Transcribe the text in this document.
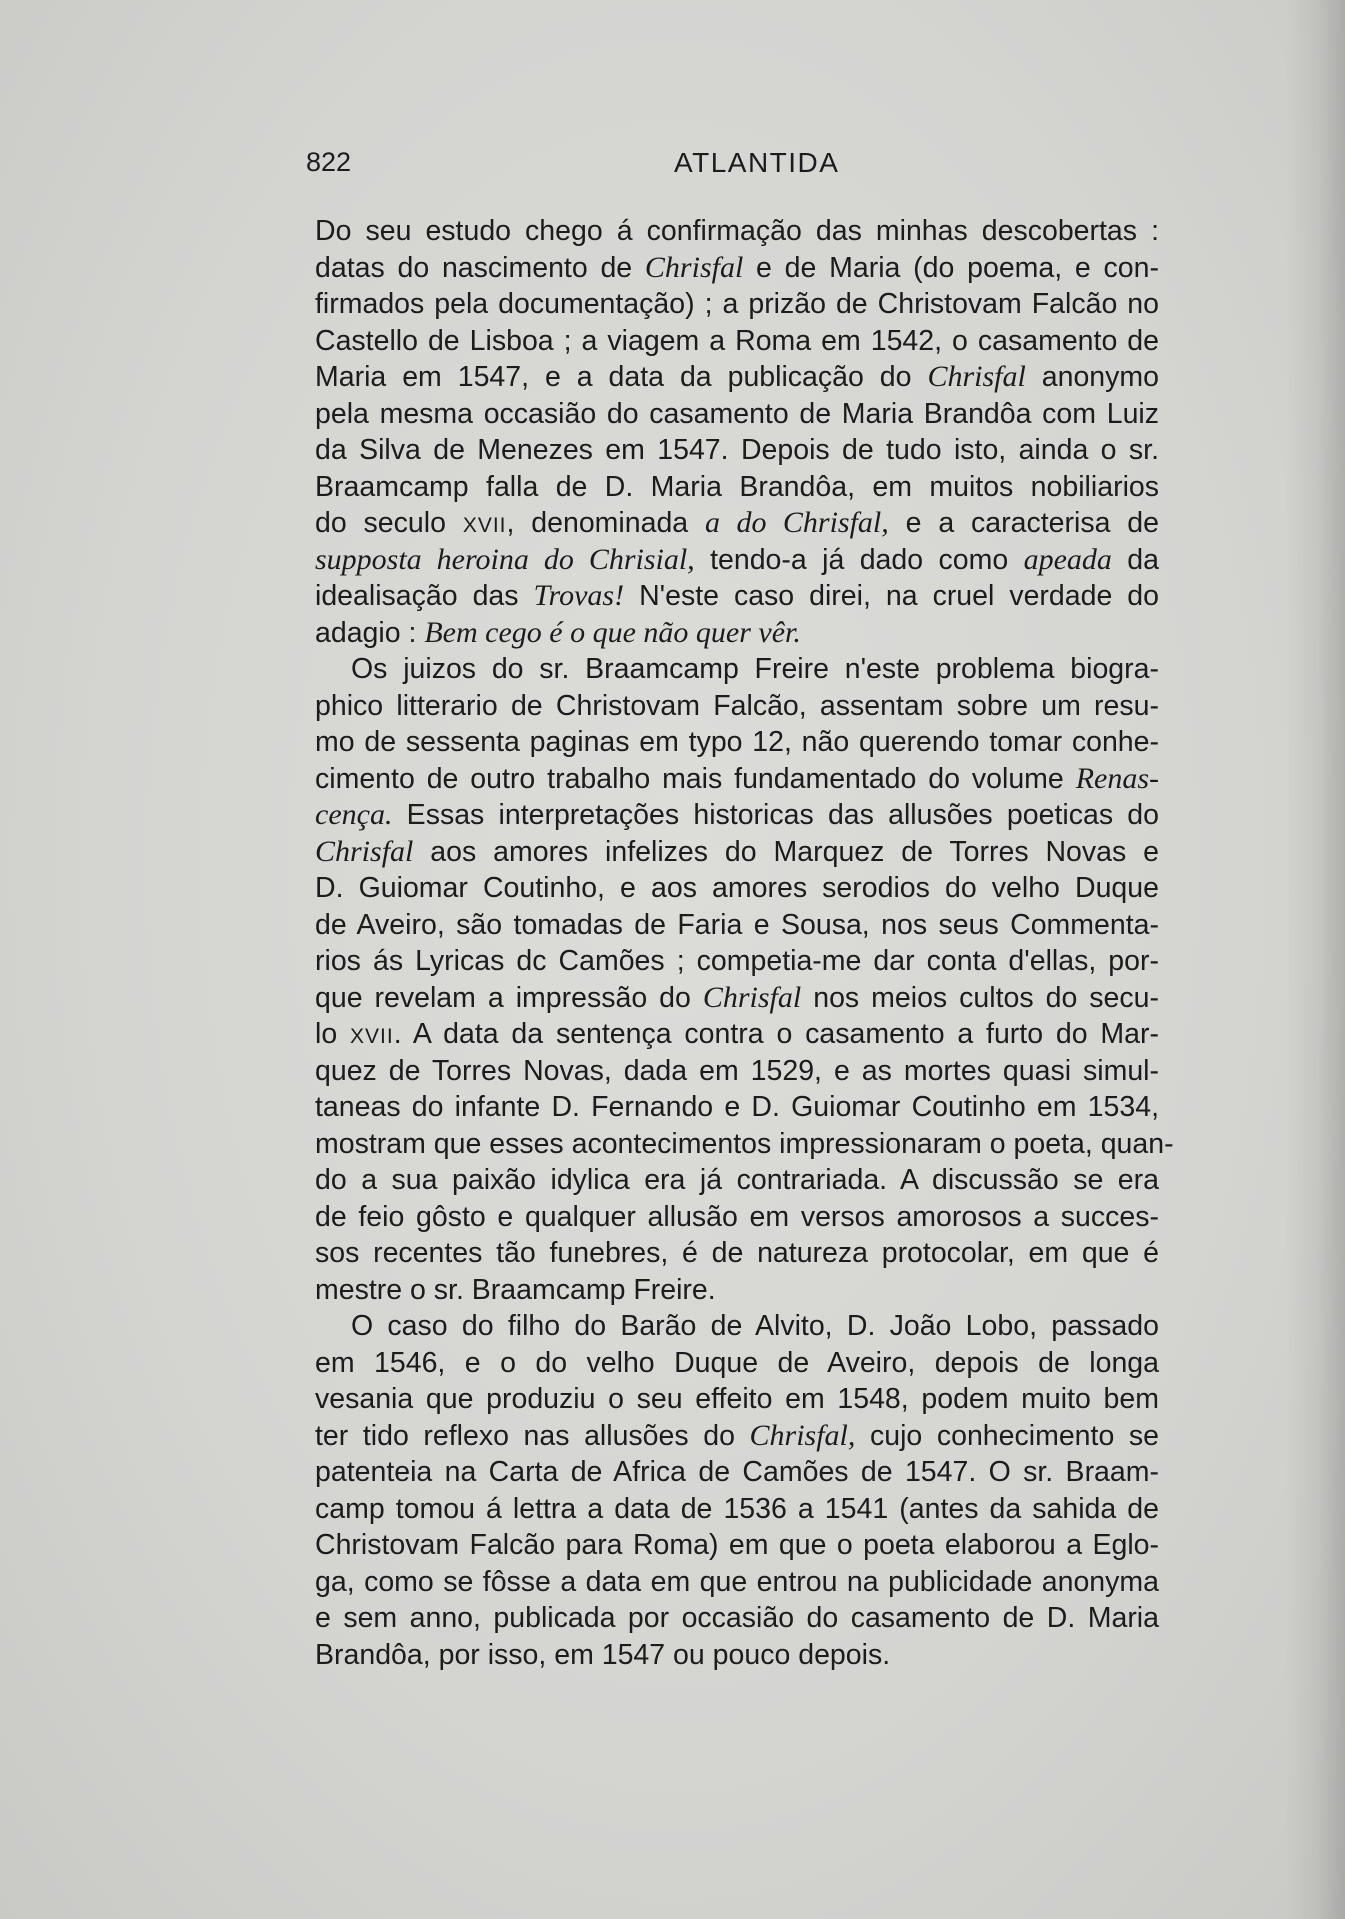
822	ATLANTIDA
Do seu estudo chego á confirmação das minhas descobertas :
datas do nascimento de Chrisfal e de Maria (do poema, e con-
firmados pela documentação) ; a prizão de Christovam Falcão no
Castello de Lisboa ; a viagem a Roma em 1542, o casamento de
Maria em 1547, e a data da publicação do Chrisfal anonymo
pela mesma occasião do casamento de Maria Brandôa com Luiz
da Silva de Menezes em 1547. Depois de tudo isto, ainda o sr.
Braamcamp falla de D. Maria Brandôa, em muitos nobiliarios
do seculo XVII, denominada a do Chrisfal, e a caracterisa de
supposta heroina do Chrisial, tendo-a já dado como apeada da
idealisação das Trovas! N'este caso direi, na cruel verdade do
adagio : Bem cego é o que não quer vêr.
Os juizos do sr. Braamcamp Freire n'este problema biogra-
phico litterario de Christovam Falcão, assentam sobre um resu-
mo de sessenta paginas em typo 12, não querendo tomar conhe-
cimento de outro trabalho mais fundamentado do volume Renas-
cença. Essas interpretações historicas das allusões poeticas do
Chrisfal aos amores infelizes do Marquez de Torres Novas e
D. Guiomar Coutinho, e aos amores serodios do velho Duque
de Aveiro, são tomadas de Faria e Sousa, nos seus Commenta-
rios ás Lyricas dc Camões ; competia-me dar conta d'ellas, por-
que revelam a impressão do Chrisfal nos meios cultos do secu-
lo XVII. A data da sentença contra o casamento a furto do Mar-
quez de Torres Novas, dada em 1529, e as mortes quasi simul-
taneas do infante D. Fernando e D. Guiomar Coutinho em 1534,
mostram que esses acontecimentos impressionaram o poeta, quan-
do a sua paixão idylica era já contrariada. A discussão se era
de feio gôsto e qualquer allusão em versos amorosos a succes-
sos recentes tão funebres, é de natureza protocolar, em que é
mestre o sr. Braamcamp Freire.
O caso do filho do Barão de Alvito, D. João Lobo, passado
em 1546, e o do velho Duque de Aveiro, depois de longa
vesania que produziu o seu effeito em 1548, podem muito bem
ter tido reflexo nas allusões do Chrisfal, cujo conhecimento se
patenteia na Carta de Africa de Camões de 1547. O sr. Braam-
camp tomou á lettra a data de 1536 a 1541 (antes da sahida de
Christovam Falcão para Roma) em que o poeta elaborou a Eglo-
ga, como se fôsse a data em que entrou na publicidade anonyma
e sem anno, publicada por occasião do casamento de D. Maria
Brandôa, por isso, em 1547 ou pouco depois.
